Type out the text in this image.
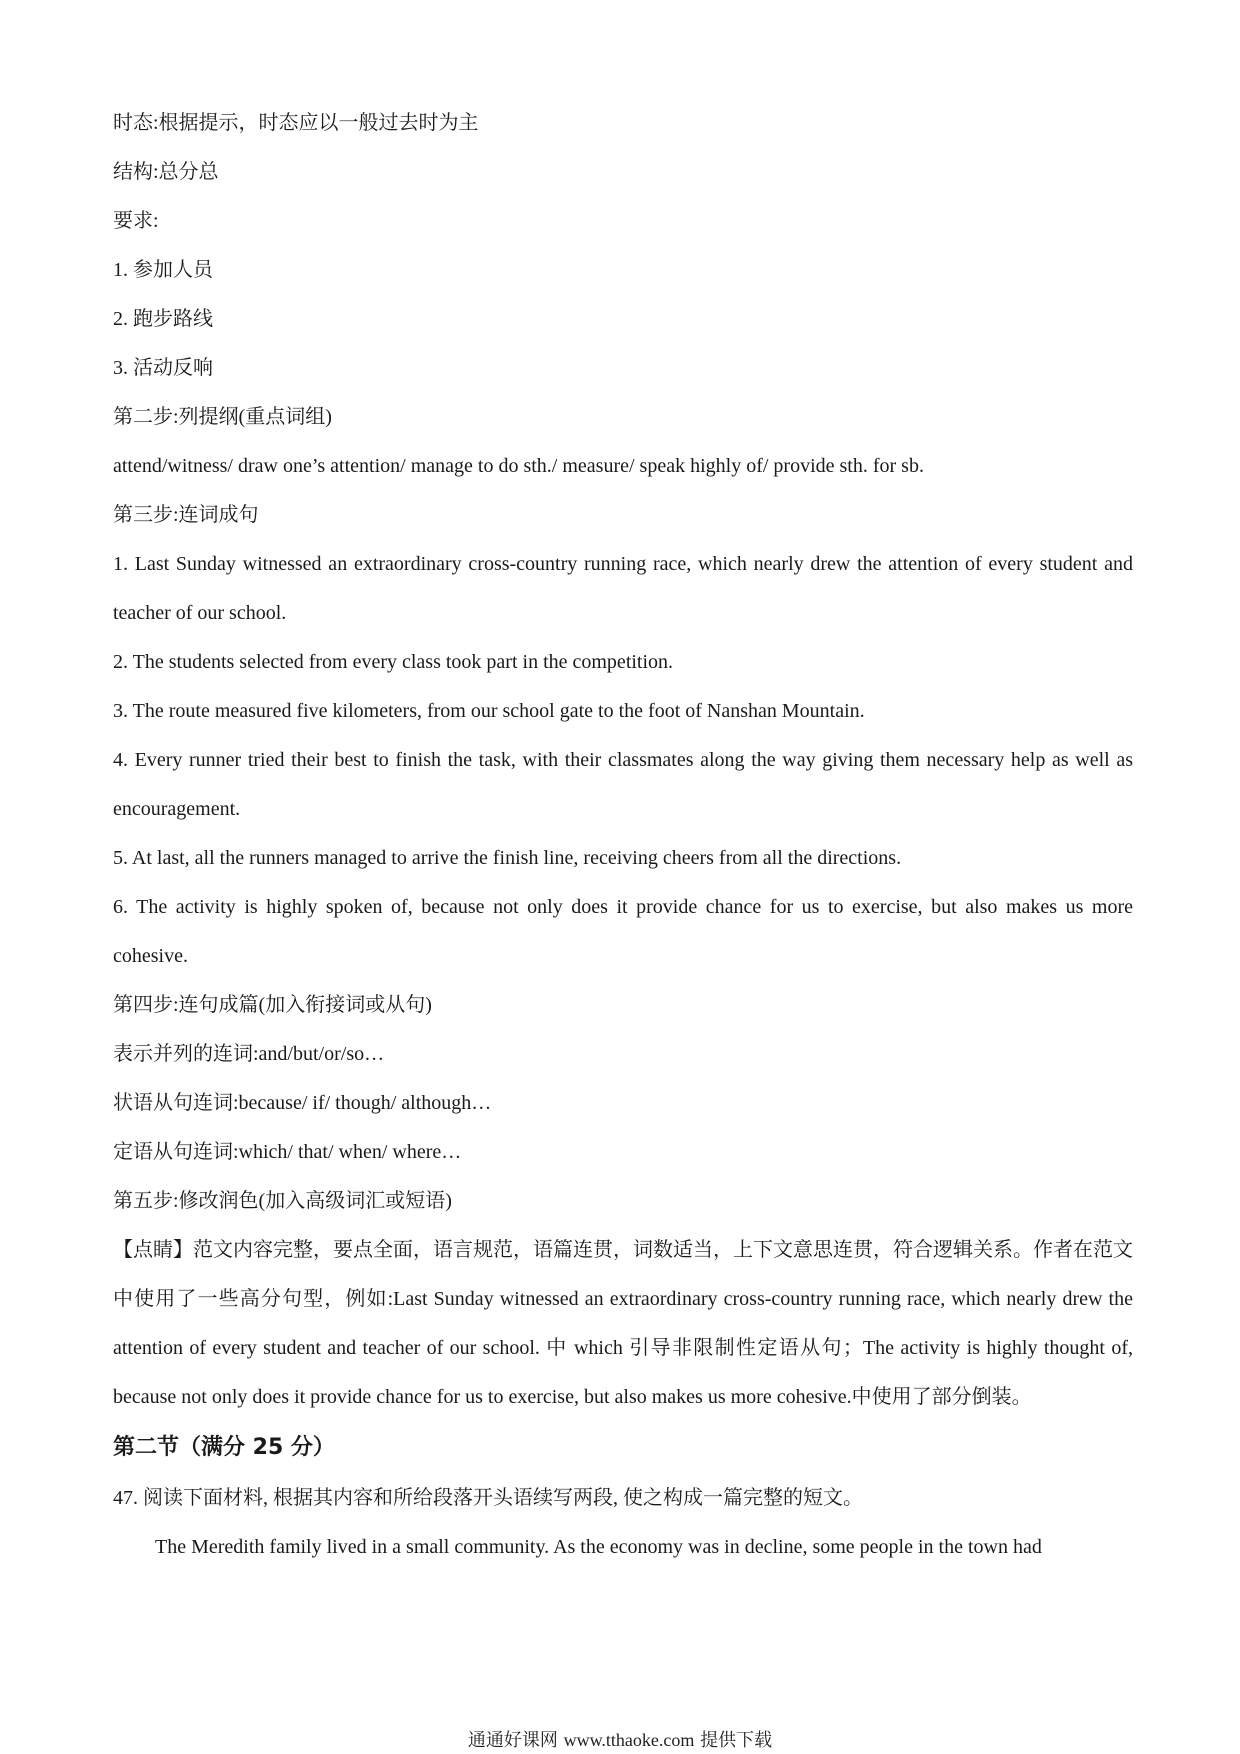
时态:根据提示，时态应以一般过去时为主
结构:总分总
要求:
1. 参加人员
2. 跑步路线
3. 活动反响
第二步:列提纲(重点词组)
attend/witness/ draw one’s attention/ manage to do sth./ measure/ speak highly of/ provide sth. for sb.
第三步:连词成句
1. Last Sunday witnessed an extraordinary cross-country running race, which nearly drew the attention of every student and teacher of our school.
2. The students selected from every class took part in the competition.
3. The route measured five kilometers, from our school gate to the foot of Nanshan Mountain.
4. Every runner tried their best to finish the task, with their classmates along the way giving them necessary help as well as encouragement.
5. At last, all the runners managed to arrive the finish line, receiving cheers from all the directions.
6. The activity is highly spoken of, because not only does it provide chance for us to exercise, but also makes us more cohesive.
第四步:连句成篇(加入衔接词或从句)
表示并列的连词:and/but/or/so…
状语从句连词:because/ if/ though/ although…
定语从句连词:which/ that/ when/ where…
第五步:修改润色(加入高级词汇或短语)
【点睛】范文内容完整，要点全面，语言规范，语篇连贯，词数适当，上下文意思连贯，符合逻辑关系。作者在范文中使用了一些高分句型，例如:Last Sunday witnessed an extraordinary cross-country running race, which nearly drew the attention of every student and teacher of our school. 中 which 引导非限制性定语从句；The activity is highly thought of, because not only does it provide chance for us to exercise, but also makes us more cohesive.中使用了部分倒装。
第二节（满分 25 分）
47. 阅读下面材料, 根据其内容和所给段落开头语续写两段, 使之构成一篇完整的短文。
The Meredith family lived in a small community. As the economy was in decline, some people in the town had
通通好课网 www.tthaoke.com 提供下载
